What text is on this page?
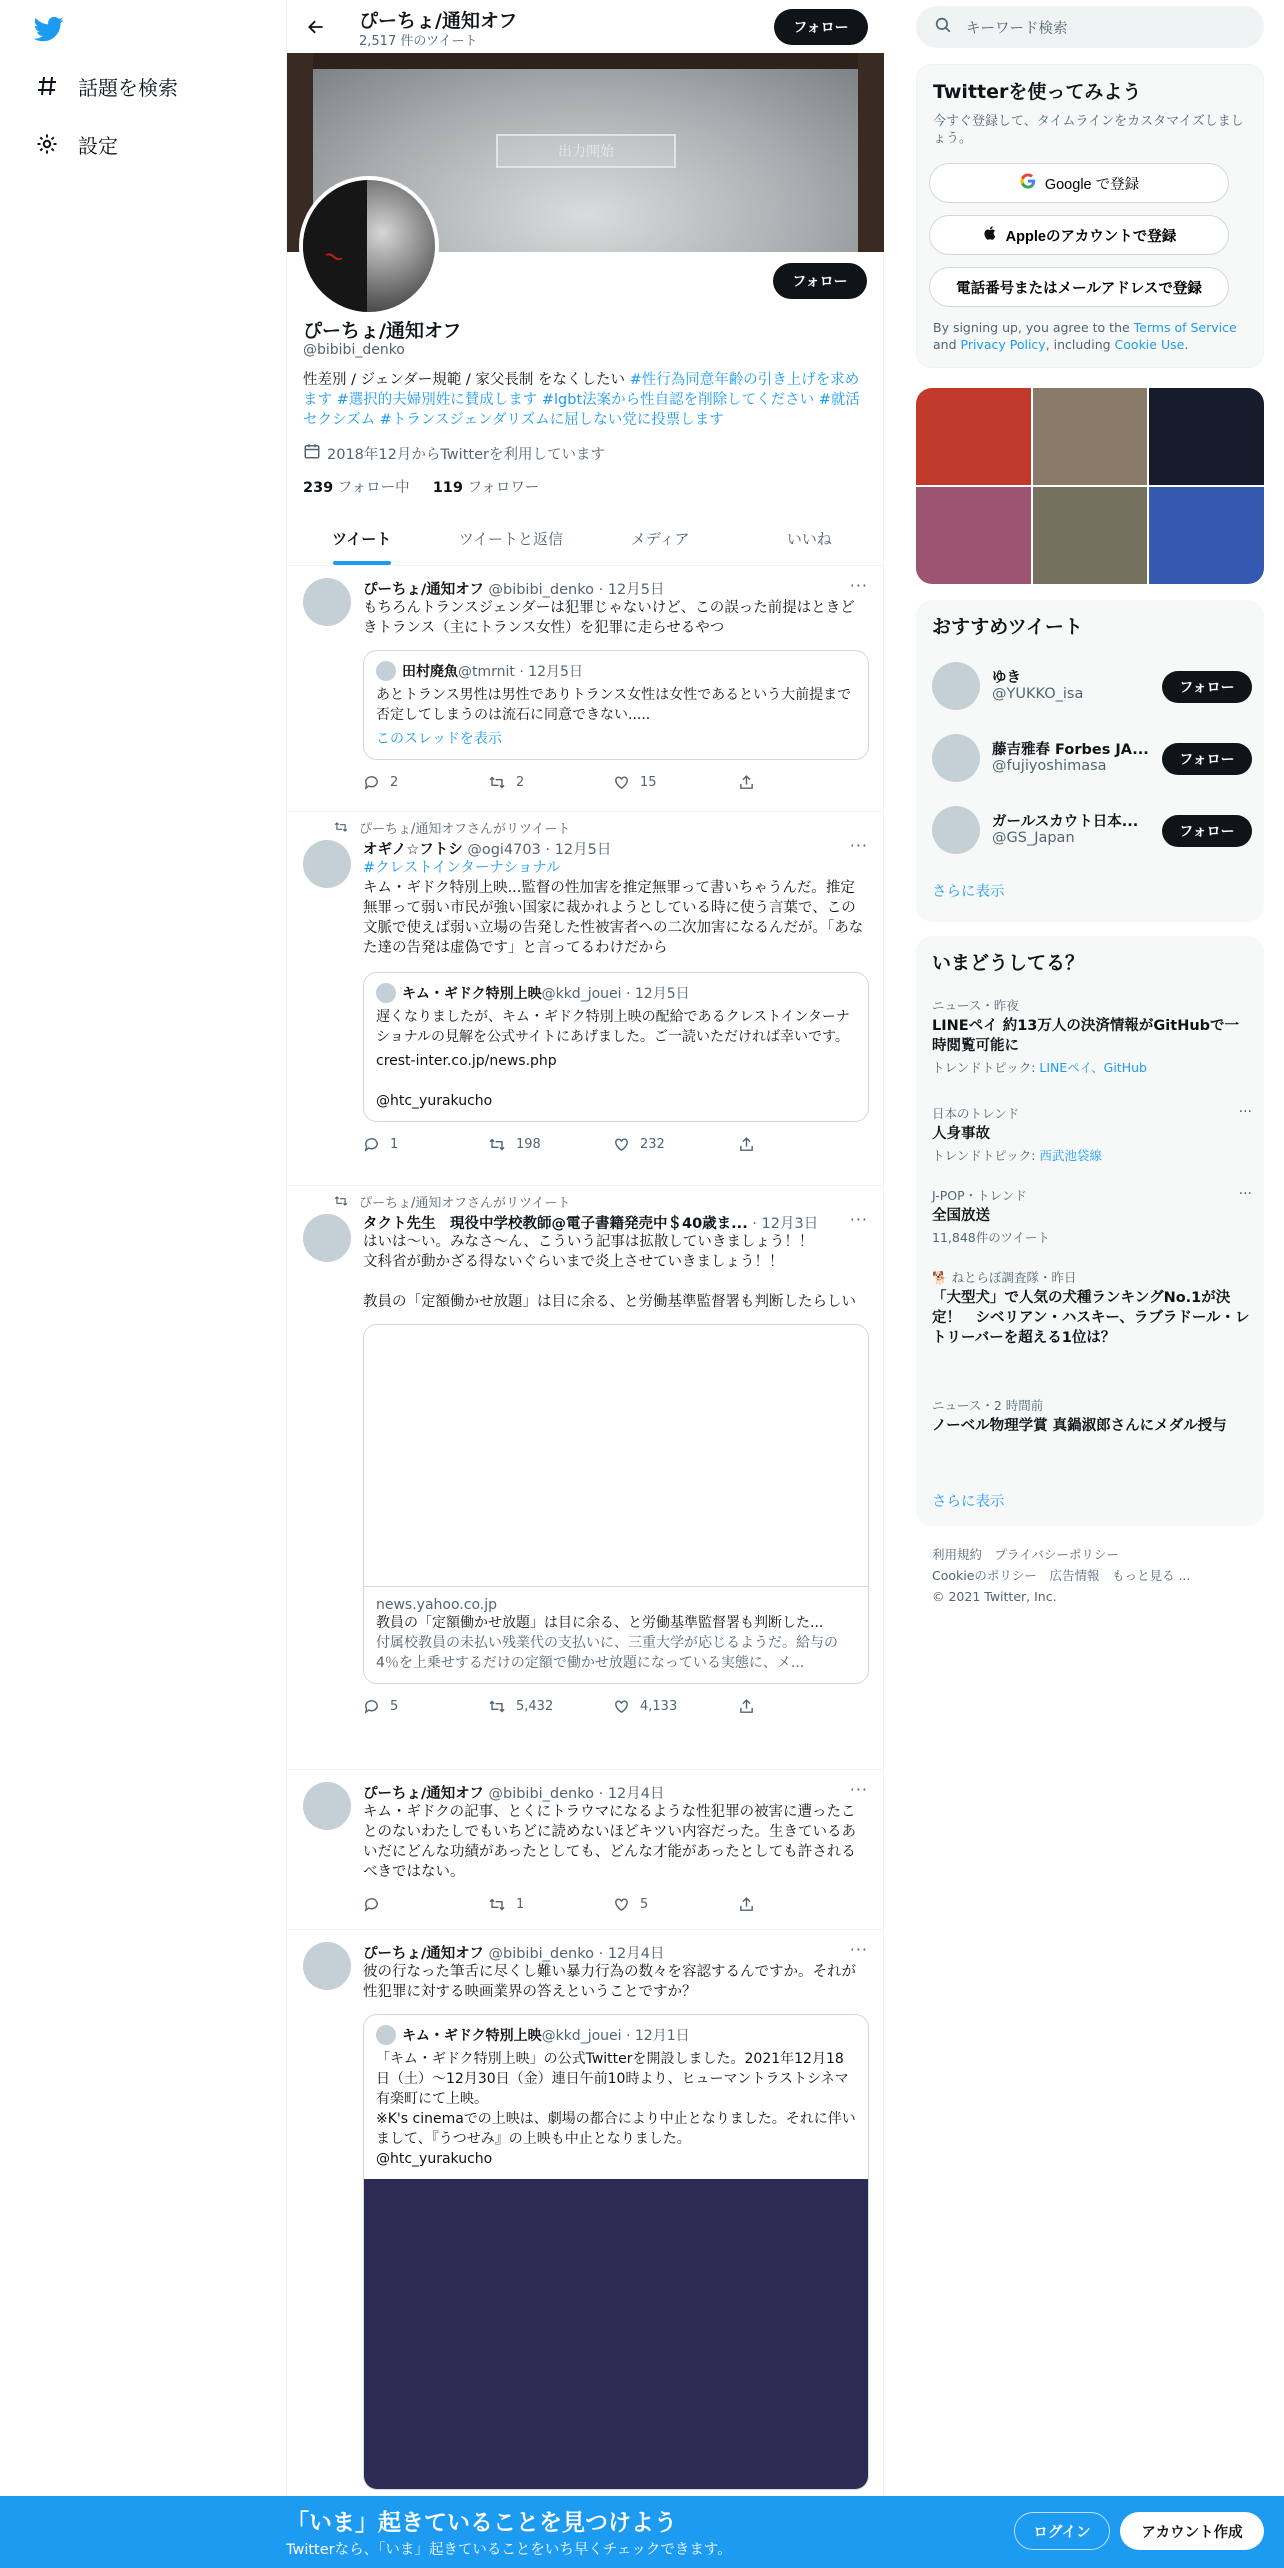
話題を検索
設定
ぴーちょ/通知オフ
2,517 件のツイート
フォロー
出力開始
~
フォロー
ぴーちょ/通知オフ
@bibibi_denko
性差別 / ジェンダー規範 / 家父長制 をなくしたい #性行為同意年齢の引き上げを求めます #選択的夫婦別姓に賛成します #lgbt法案から性自認を削除してください #就活セクシズム #トランスジェンダリズムに屈しない党に投票します
2018年12月からTwitterを利用しています
239 フォロー中 119 フォロワー
ツイート	ツイートと返信	メディア	いいね
···
ぴーちょ/通知オフ @bibibi_denko · 12月5日
もちろんトランスジェンダーは犯罪じゃないけど、この誤った前提はときどきトランス（主にトランス女性）を犯罪に走らせるやつ
田村廃魚 @tmrnit · 12月5日
あとトランス男性は男性でありトランス女性は女性であるという大前提まで否定してしまうのは流石に同意できない.....
このスレッドを表示
2	2	15
ぴーちょ/通知オフさんがリツイート
···
オギノ☆フトシ @ogi4703 · 12月5日
#クレストインターナショナル
キム・ギドク特別上映...監督の性加害を推定無罪って書いちゃうんだ。推定無罪って弱い市民が強い国家に裁かれようとしている時に使う言葉で、この文脈で使えば弱い立場の告発した性被害者への二次加害になるんだが。「あなた達の告発は虚偽です」と言ってるわけだから
キム・ギドク特別上映 @kkd_jouei · 12月5日
遅くなりましたが、キム・ギドク特別上映の配給であるクレストインターナショナルの見解を公式サイトにあげました。ご一読いただければ幸いです。
crest-inter.co.jp/news.php
@htc_yurakucho
1	198	232
ぴーちょ/通知オフさんがリツイート
···
タクト先生　現役中学校教師@電子書籍発売中＄40歳ま... · 12月3日
はいは〜い。みなさ〜ん、こういう記事は拡散していきましょう！！
文科省が動かざる得ないぐらいまで炎上させていきましょう！！
教員の「定額働かせ放題」は目に余る、と労働基準監督署も判断したらしい
news.yahoo.co.jp
教員の「定額働かせ放題」は目に余る、と労働基準監督署も判断した...
付属校教員の未払い残業代の支払いに、三重大学が応じるようだ。給与の4％を上乗せするだけの定額で働かせ放題になっている実態に、メ...
5	5,432	4,133
···
ぴーちょ/通知オフ @bibibi_denko · 12月4日
キム・ギドクの記事、とくにトラウマになるような性犯罪の被害に遭ったことのないわたしでもいちどに読めないほどキツい内容だった。生きているあいだにどんな功績があったとしても、どんな才能があったとしても許されるべきではない。
1	5
···
ぴーちょ/通知オフ @bibibi_denko · 12月4日
彼の行なった筆舌に尽くし難い暴力行為の数々を容認するんですか。それが性犯罪に対する映画業界の答えということですか？
キム・ギドク特別上映 @kkd_jouei · 12月1日
「キム・ギドク特別上映」の公式Twitterを開設しました。2021年12月18日（土）～12月30日（金）連日午前10時より、ヒューマントラストシネマ有楽町にて上映。
※K's cinemaでの上映は、劇場の都合により中止となりました。それに伴いまして、『うつせみ』の上映も中止となりました。
@htc_yurakucho
キーワード検索
Twitterを使ってみよう
今すぐ登録して、タイムラインをカスタマイズしましょう。
Google で登録
Appleのアカウントで登録
電話番号またはメールアドレスで登録
By signing up, you agree to the Terms of Service and Privacy Policy, including Cookie Use.
おすすめツイート
ゆき
@YUKKO_isa	フォロー
藤吉雅春 Forbes JA...
@fujiyoshimasa	フォロー
ガールスカウト日本...
@GS_Japan	フォロー
さらに表示
いまどうしてる？
ニュース・昨夜
LINEペイ 約13万人の決済情報がGitHubで一時閲覧可能に
トレンドトピック: LINEペイ、GitHub
···
日本のトレンド
人身事故
トレンドトピック: 西武池袋線
···
J-POP・トレンド
全国放送
11,848件のツイート
🐕 ねとらぼ調査隊・昨日
「大型犬」で人気の犬種ランキングNo.1が決定！　シベリアン・ハスキー、ラブラドール・レトリーバーを超える1位は？
ニュース・2 時間前
ノーベル物理学賞 真鍋淑郎さんにメダル授与
さらに表示
利用規約　 プライバシーポリシー
Cookieのポリシー　 広告情報　 もっと見る ...
© 2021 Twitter, Inc.
「いま」起きていることを見つけよう
Twitterなら、「いま」起きていることをいち早くチェックできます。
ログイン	アカウント作成
